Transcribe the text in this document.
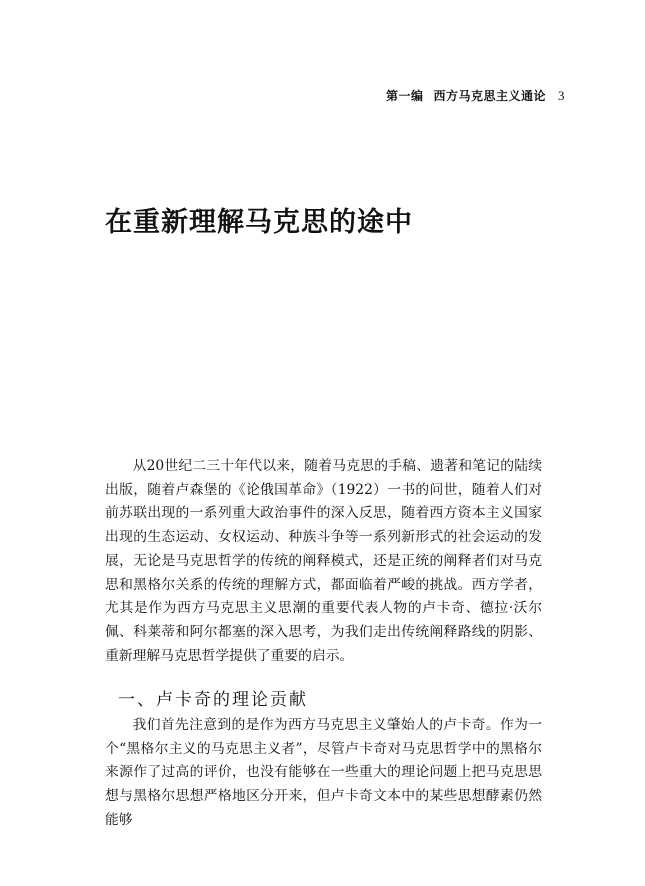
第一编 西方马克思主义通论 3
在重新理解马克思的途中

从20世纪二三十年代以来，随着马克思的手稿、遗著和笔记的陆续出版，随着卢森堡的《论俄国革命》（1922）一书的问世，随着人们对前苏联出现的一系列重大政治事件的深入反思，随着西方资本主义国家出现的生态运动、女权运动、种族斗争等一系列新形式的社会运动的发展，无论是马克思哲学的传统的阐释模式，还是正统的阐释者们对马克思和黑格尔关系的传统的理解方式，都面临着严峻的挑战。西方学者，尤其是作为西方马克思主义思潮的重要代表人物的卢卡奇、德拉·沃尔佩、科莱蒂和阿尔都塞的深入思考，为我们走出传统阐释路线的阴影、重新理解马克思哲学提供了重要的启示。

一、卢卡奇的理论贡献

我们首先注意到的是作为西方马克思主义肇始人的卢卡奇。作为一个“黑格尔主义的马克思主义者”，尽管卢卡奇对马克思哲学中的黑格尔来源作了过高的评价，也没有能够在一些重大的理论问题上把马克思思想与黑格尔思想严格地区分开来，但卢卡奇文本中的某些思想酵素仍然能够
